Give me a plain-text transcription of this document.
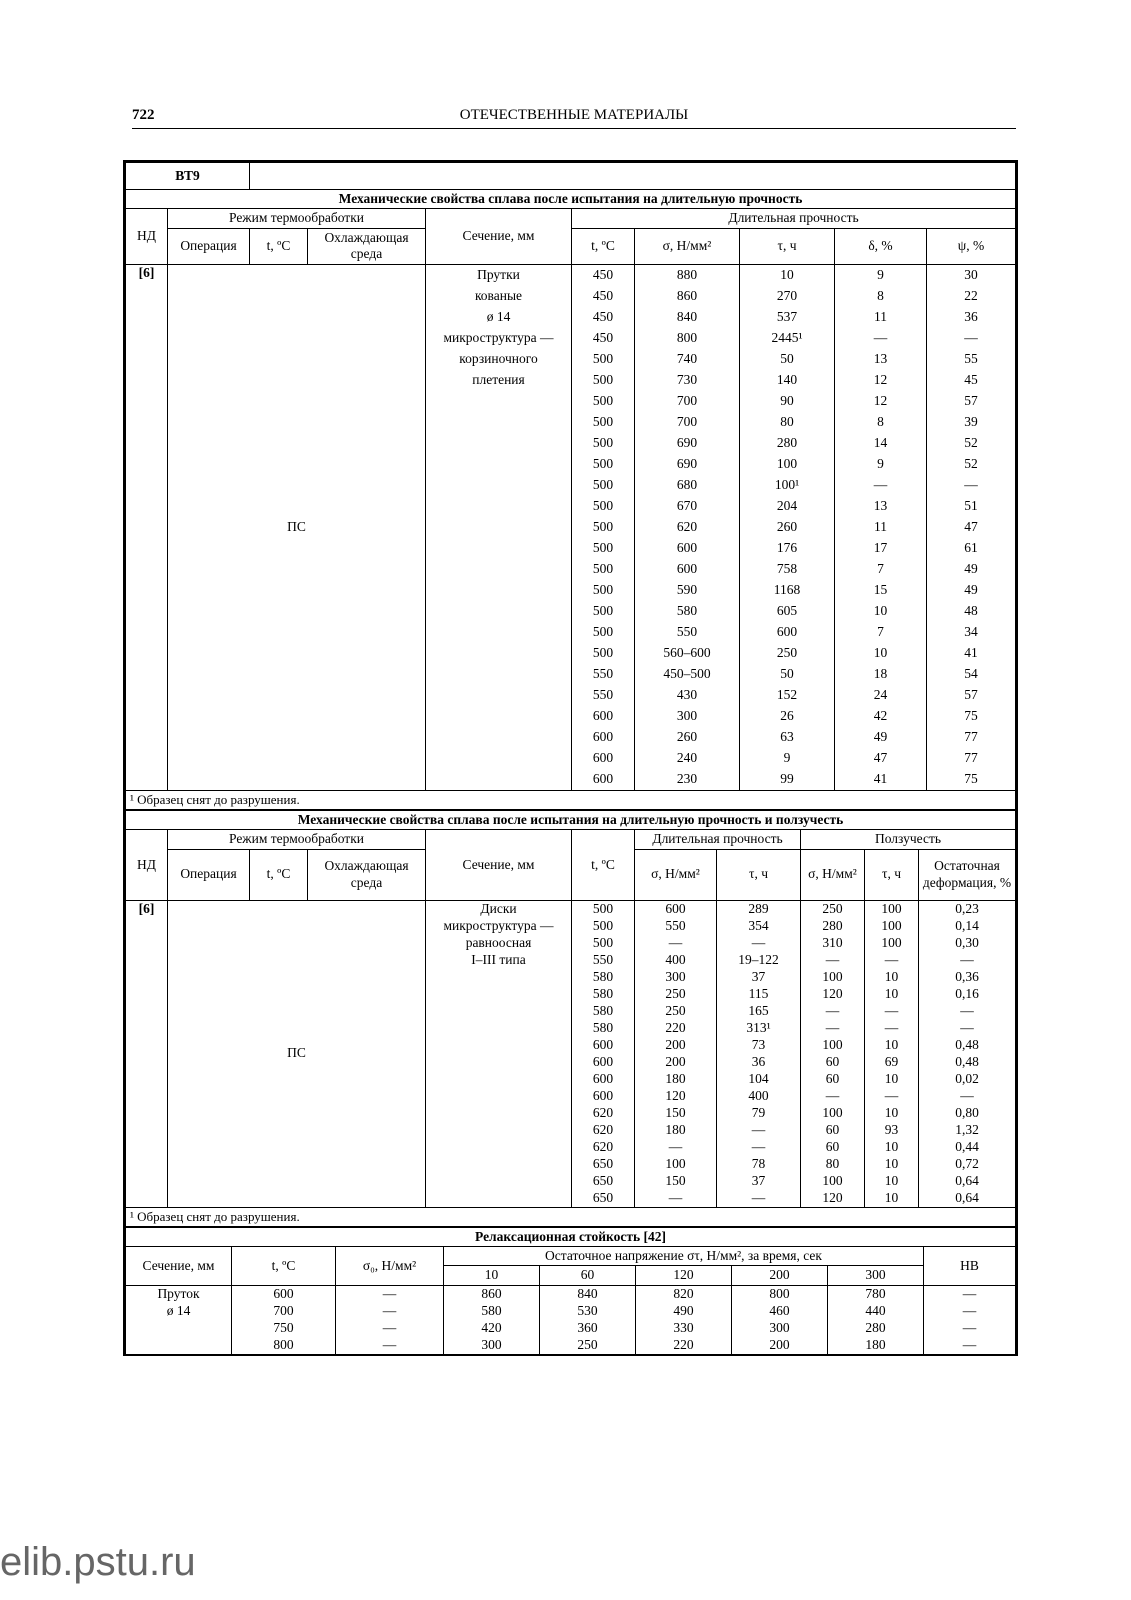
722	ОТЕЧЕСТВЕННЫЕ МАТЕРИАЛЫ
ВТ9	
Механические свойства сплава после испытания на длительную прочность									
НД	Режим термообработки			Сечение, мм	Длительная прочность				
	Операция	t, ºC	Охлаждающая среда		t, ºC	σ, Н/мм²	τ, ч	δ, %	ψ, %
[6]	ПС			Прутки	450	880	10	9	30
				кованые	450	860	270	8	22
				ø 14	450	840	537	11	36
				микроструктура —	450	800	2445¹	—	—
				корзиночного	500	740	50	13	55
				плетения	500	730	140	12	45
					500	700	90	12	57
					500	700	80	8	39
					500	690	280	14	52
					500	690	100	9	52
					500	680	100¹	—	—
					500	670	204	13	51
					500	620	260	11	47
					500	600	176	17	61
					500	600	758	7	49
					500	590	1168	15	49
					500	580	605	10	48
					500	550	600	7	34
					500	560–600	250	10	41
					550	450–500	50	18	54
					550	430	152	24	57
					600	300	26	42	75
					600	260	63	49	77
					600	240	9	47	77
					600	230	99	41	75
¹ Образец снят до разрушения.									
Механические свойства сплава после испытания на длительную прочность и ползучесть										
НД	Режим термообработки			Сечение, мм	t, ºC	Длительная прочность		Ползучесть		
	Операция	t, ºC	Охлаждающая среда			σ, Н/мм²	τ, ч	σ, Н/мм²	τ, ч	Остаточная деформация, %
[6]	ПС			Диски	500	600	289	250	100	0,23
				микроструктура —	500	550	354	280	100	0,14
				равноосная	500	—	—	310	100	0,30
				I–III типа	550	400	19–122	—	—	—
					580	300	37	100	10	0,36
					580	250	115	120	10	0,16
					580	250	165	—	—	—
					580	220	313¹	—	—	—
					600	200	73	100	10	0,48
					600	200	36	60	69	0,48
					600	180	104	60	10	0,02
					600	120	400	—	—	—
					620	150	79	100	10	0,80
					620	180	—	60	93	1,32
					620	—	—	60	10	0,44
					650	100	78	80	10	0,72
					650	150	37	100	10	0,64
					650	—	—	120	10	0,64
¹ Образец снят до разрушения.										
Релаксационная стойкость [42]								
Сечение, мм	t, ºC	σ₀, Н/мм²	Остаточное напряжение στ, Н/мм², за время, сек					НВ
			10	60	120	200	300	
Пруток	600	—	860	840	820	800	780	—
ø 14	700	—	580	530	490	460	440	—
	750	—	420	360	330	300	280	—
	800	—	300	250	220	200	180	—
elib.pstu.ru
